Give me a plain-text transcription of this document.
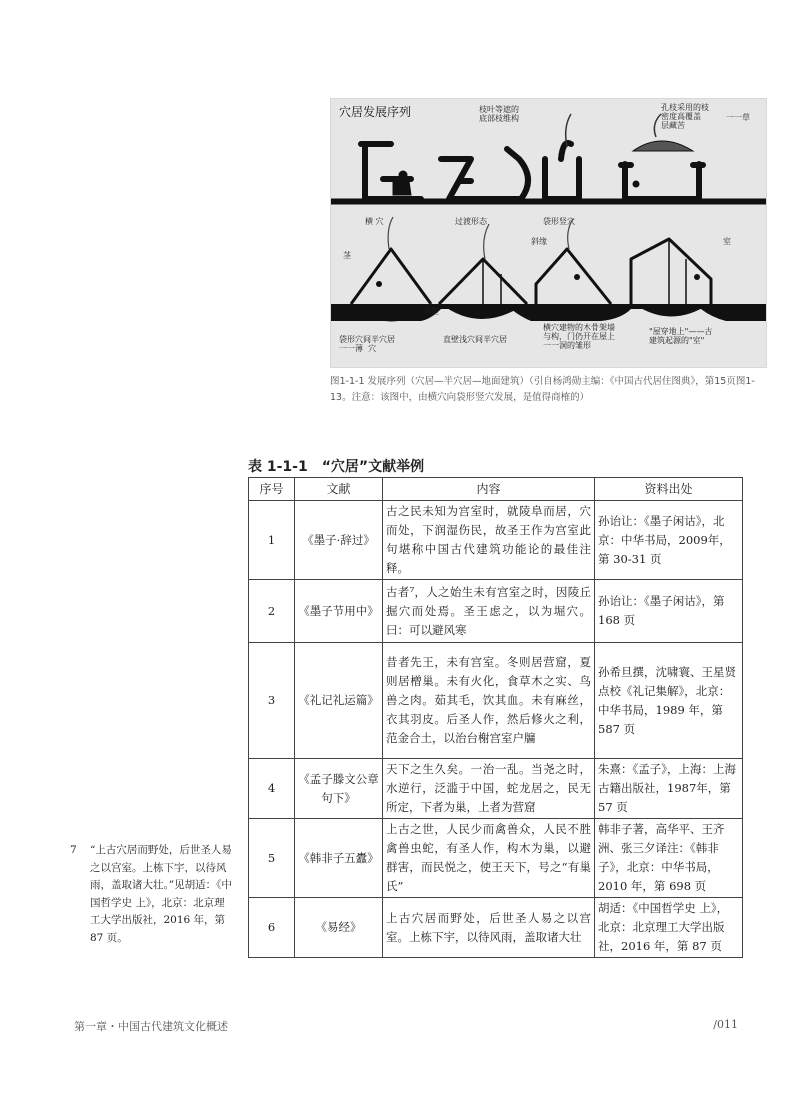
穴居发展序列	枝叶等遮的
底部枝维构
孔枝采用的枝
密度高覆盖
层藏苦
一一草
横 穴	过渡形态	袋形竖穴
茎
斜缘	室
半室
袋形穴间半穴居
一一薄  穴
直壁浅穴间半穴居
横穴建物的木骨架墙
与构，门仍开在屋上
一一洞的雏形
"屋穿地上"——古
建筑起源的"室"
图1-1-1 发展序列（穴居—半穴居—地面建筑）（引自杨鸿勋主编：《中国古代居住图典》，第15页图1-13。注意：该图中，由横穴向袋形竖穴发展，是值得商榷的）
表 1-1-1　“穴居”文献举例
序号	文献	内容	资料出处
1	《墨子·辞过》	古之民未知为宫室时，就陵阜而居，穴而处，下润湿伤民，故圣王作为宫室此句堪称中国古代建筑功能论的最佳注释。	孙诒让：《墨子闲诂》，北京：中华书局，2009年，第 30-31 页
2	《墨子节用中》	古者⁷，人之始生未有宫室之时，因陵丘掘穴而处焉。圣王虑之，以为堀穴。曰：可以避风寒	孙诒让：《墨子闲诂》，第 168 页
3	《礼记礼运篇》	昔者先王，未有宫室。冬则居营窟，夏则居橧巢。未有火化，食草木之实、鸟兽之肉。茹其毛，饮其血。未有麻丝，衣其羽皮。后圣人作，然后修火之利，范金合土，以治台榭宫室户牖	孙希旦撰，沈啸寰、王星贤点校《礼记集解》，北京：中华书局，1989 年，第 587 页
4	《孟子滕文公章句下》	天下之生久矣。一治一乱。当尧之时，水逆行，泛滥于中国，蛇龙居之，民无所定，下者为巢，上者为营窟	朱熹：《孟子》，上海：上海古籍出版社，1987年，第 57 页
5	《韩非子五蠹》	上古之世，人民少而禽兽众，人民不胜禽兽虫蛇，有圣人作，构木为巢，以避群害，而民悦之，使王天下，号之“有巢氏”	韩非子著，高华平、王齐洲、张三夕译注：《韩非子》，北京：中华书局，2010 年，第 698 页
6	《易经》	上古穴居而野处，后世圣人易之以宫室。上栋下宇，以待风雨，盖取诸大壮	胡适：《中国哲学史 上》，北京：北京理工大学出版社，2016 年，第 87 页
7 “上古穴居而野处，后世圣人易之以宫室。上栋下宇，以待风雨，盖取诸大壮。”见胡适：《中国哲学史 上》，北京：北京理工大学出版社，2016 年，第 87 页。
第一章・中国古代建筑文化概述	/011
